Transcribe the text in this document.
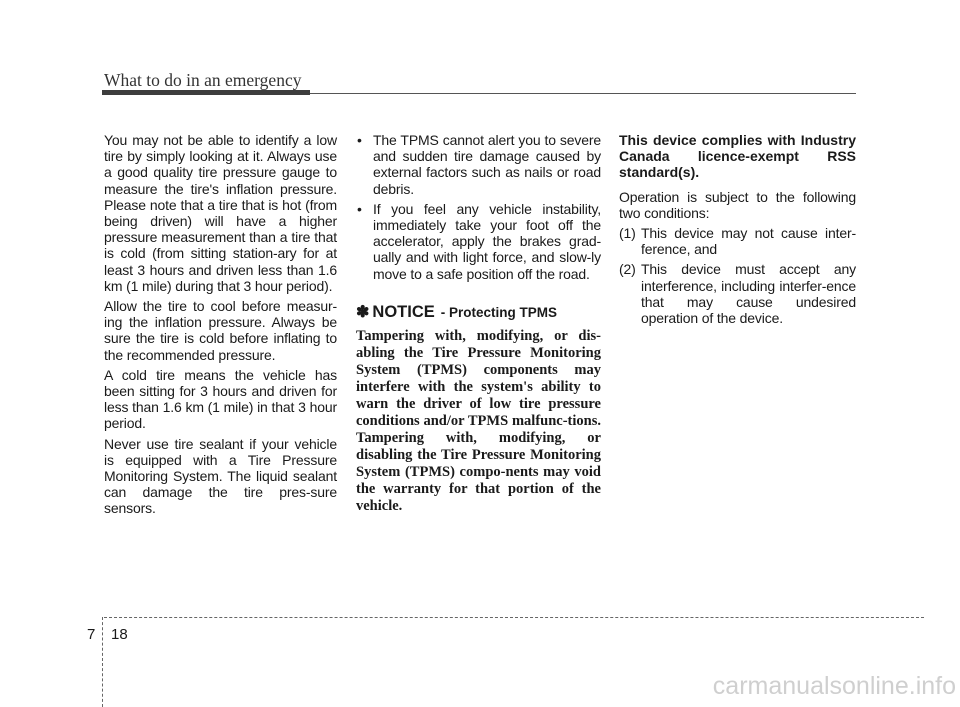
What to do in an emergency

You may not be able to identify a low tire by simply looking at it. Always use a good quality tire pressure gauge to measure the tire's inflation pressure. Please note that a tire that is hot (from being driven) will have a higher pressure measurement than a tire that is cold (from sitting station-ary for at least 3 hours and driven less than 1.6 km (1 mile) during that 3 hour period).

Allow the tire to cool before measur-ing the inflation pressure. Always be sure the tire is cold before inflating to the recommended pressure.

A cold tire means the vehicle has been sitting for 3 hours and driven for less than 1.6 km (1 mile) in that 3 hour period.

Never use tire sealant if your vehicle is equipped with a Tire Pressure Monitoring System. The liquid sealant can damage the tire pres-sure sensors.

• The TPMS cannot alert you to severe and sudden tire damage caused by external factors such as nails or road debris.
• If you feel any vehicle instability, immediately take your foot off the accelerator, apply the brakes grad-ually and with light force, and slow-ly move to a safe position off the road.
✽ NOTICE - Protecting TPMS

Tampering with, modifying, or dis-abling the Tire Pressure Monitoring System (TPMS) components may interfere with the system's ability to warn the driver of low tire pressure conditions and/or TPMS malfunc-tions. Tampering with, modifying, or disabling the Tire Pressure Monitoring System (TPMS) compo-nents may void the warranty for that portion of the vehicle.

This device complies with Industry Canada licence-exempt RSS standard(s).

Operation is subject to the following two conditions:

(1) This device may not cause inter-ference, and
(2) This device must accept any interference, including interfer-ence that may cause undesired operation of the device.
7 18
carmanualsonline.info
